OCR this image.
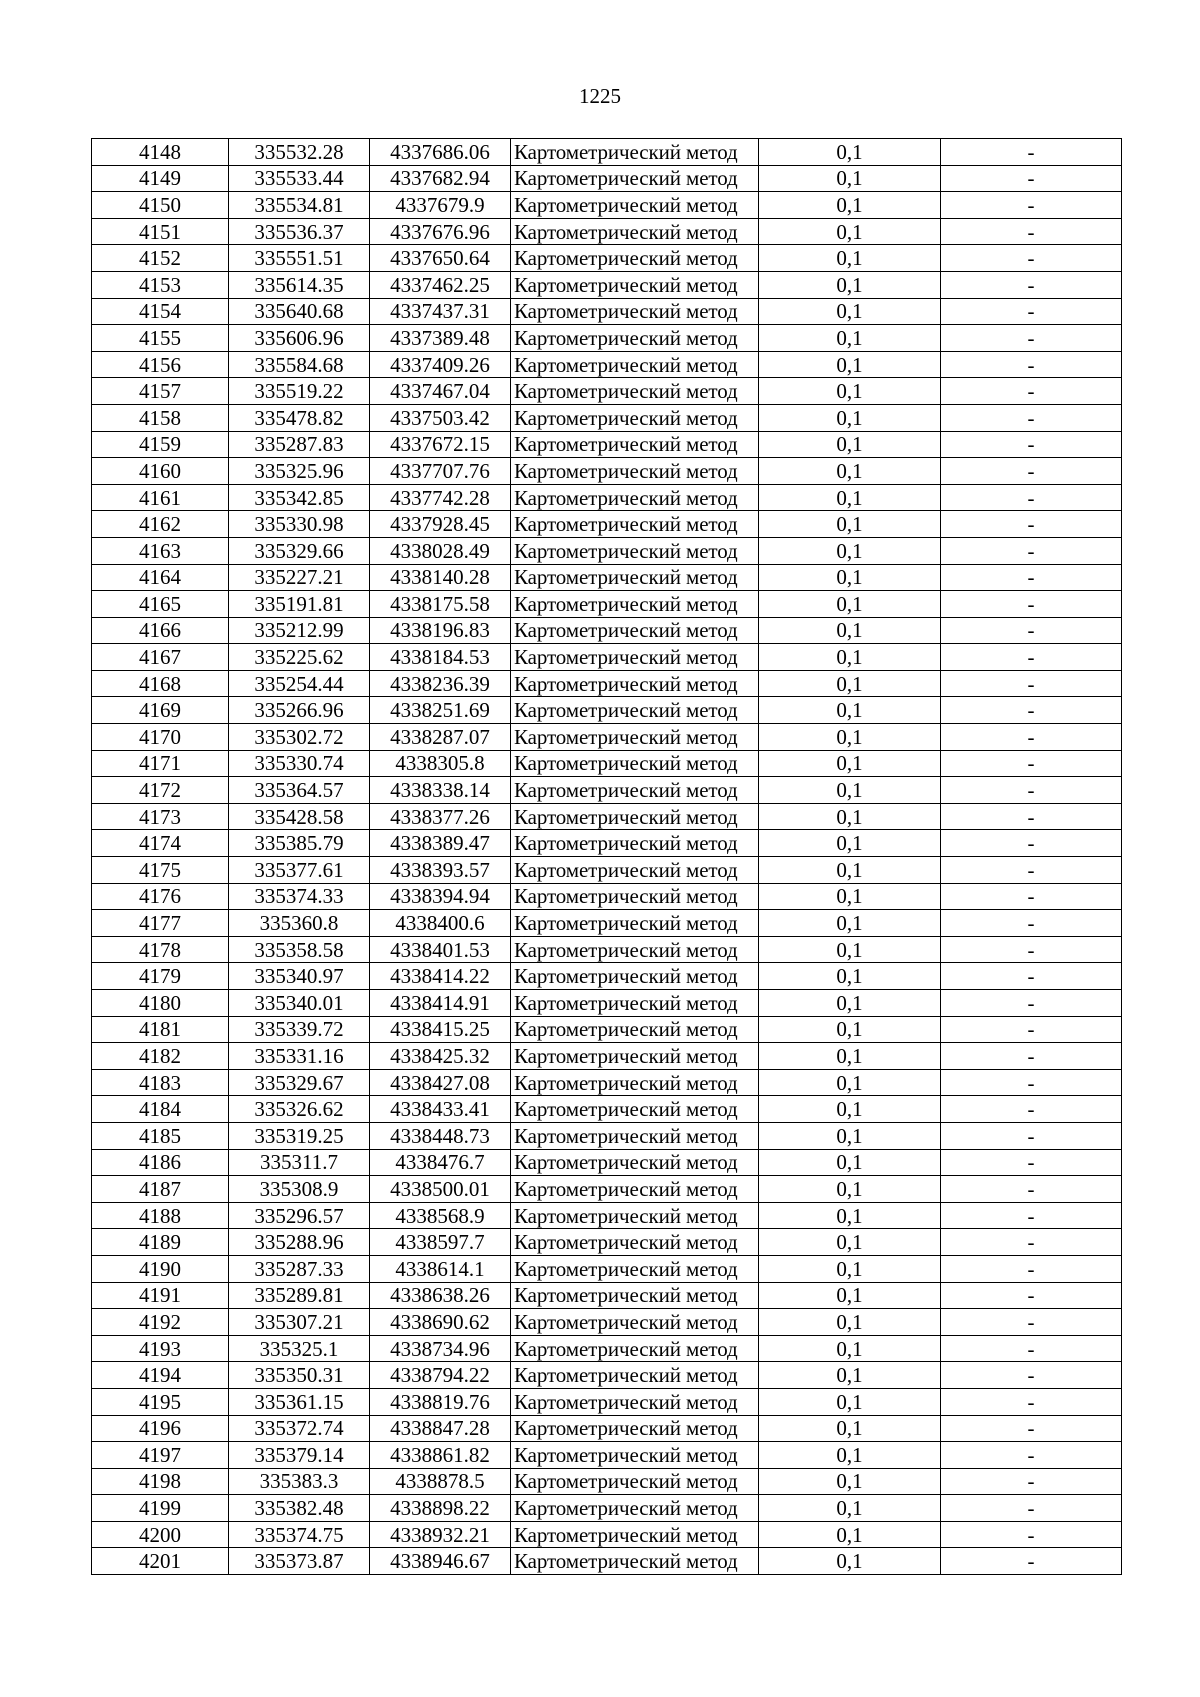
1225
4148	335532.28	4337686.06	Картометрический метод	0,1	-
4149	335533.44	4337682.94	Картометрический метод	0,1	-
4150	335534.81	4337679.9	Картометрический метод	0,1	-
4151	335536.37	4337676.96	Картометрический метод	0,1	-
4152	335551.51	4337650.64	Картометрический метод	0,1	-
4153	335614.35	4337462.25	Картометрический метод	0,1	-
4154	335640.68	4337437.31	Картометрический метод	0,1	-
4155	335606.96	4337389.48	Картометрический метод	0,1	-
4156	335584.68	4337409.26	Картометрический метод	0,1	-
4157	335519.22	4337467.04	Картометрический метод	0,1	-
4158	335478.82	4337503.42	Картометрический метод	0,1	-
4159	335287.83	4337672.15	Картометрический метод	0,1	-
4160	335325.96	4337707.76	Картометрический метод	0,1	-
4161	335342.85	4337742.28	Картометрический метод	0,1	-
4162	335330.98	4337928.45	Картометрический метод	0,1	-
4163	335329.66	4338028.49	Картометрический метод	0,1	-
4164	335227.21	4338140.28	Картометрический метод	0,1	-
4165	335191.81	4338175.58	Картометрический метод	0,1	-
4166	335212.99	4338196.83	Картометрический метод	0,1	-
4167	335225.62	4338184.53	Картометрический метод	0,1	-
4168	335254.44	4338236.39	Картометрический метод	0,1	-
4169	335266.96	4338251.69	Картометрический метод	0,1	-
4170	335302.72	4338287.07	Картометрический метод	0,1	-
4171	335330.74	4338305.8	Картометрический метод	0,1	-
4172	335364.57	4338338.14	Картометрический метод	0,1	-
4173	335428.58	4338377.26	Картометрический метод	0,1	-
4174	335385.79	4338389.47	Картометрический метод	0,1	-
4175	335377.61	4338393.57	Картометрический метод	0,1	-
4176	335374.33	4338394.94	Картометрический метод	0,1	-
4177	335360.8	4338400.6	Картометрический метод	0,1	-
4178	335358.58	4338401.53	Картометрический метод	0,1	-
4179	335340.97	4338414.22	Картометрический метод	0,1	-
4180	335340.01	4338414.91	Картометрический метод	0,1	-
4181	335339.72	4338415.25	Картометрический метод	0,1	-
4182	335331.16	4338425.32	Картометрический метод	0,1	-
4183	335329.67	4338427.08	Картометрический метод	0,1	-
4184	335326.62	4338433.41	Картометрический метод	0,1	-
4185	335319.25	4338448.73	Картометрический метод	0,1	-
4186	335311.7	4338476.7	Картометрический метод	0,1	-
4187	335308.9	4338500.01	Картометрический метод	0,1	-
4188	335296.57	4338568.9	Картометрический метод	0,1	-
4189	335288.96	4338597.7	Картометрический метод	0,1	-
4190	335287.33	4338614.1	Картометрический метод	0,1	-
4191	335289.81	4338638.26	Картометрический метод	0,1	-
4192	335307.21	4338690.62	Картометрический метод	0,1	-
4193	335325.1	4338734.96	Картометрический метод	0,1	-
4194	335350.31	4338794.22	Картометрический метод	0,1	-
4195	335361.15	4338819.76	Картометрический метод	0,1	-
4196	335372.74	4338847.28	Картометрический метод	0,1	-
4197	335379.14	4338861.82	Картометрический метод	0,1	-
4198	335383.3	4338878.5	Картометрический метод	0,1	-
4199	335382.48	4338898.22	Картометрический метод	0,1	-
4200	335374.75	4338932.21	Картометрический метод	0,1	-
4201	335373.87	4338946.67	Картометрический метод	0,1	-
